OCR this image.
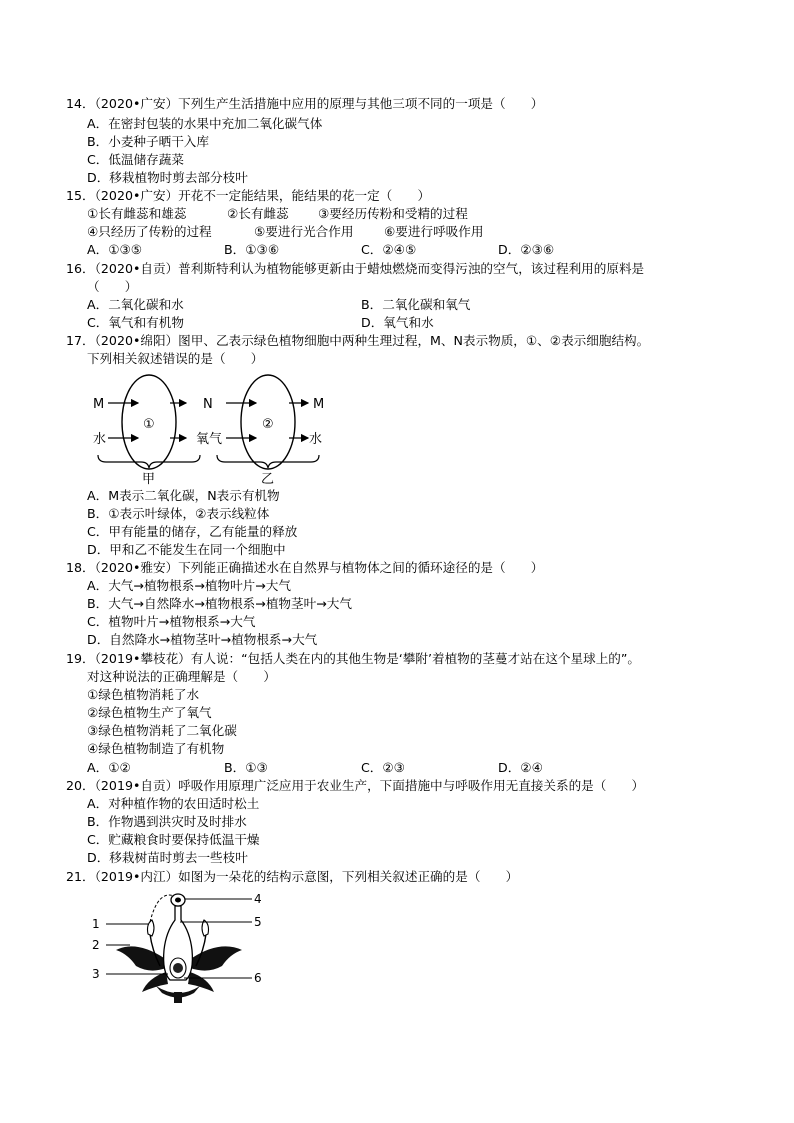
14．（2020•广安）下列生产生活措施中应用的原理与其他三项不同的一项是（　　）
A．在密封包装的水果中充加二氧化碳气体
B．小麦种子晒干入库
C．低温储存蔬菜
D．移栽植物时剪去部分枝叶
15．（2020•广安）开花不一定能结果，能结果的花一定（　　）
①长有雌蕊和雄蕊	②长有雌蕊 ③要经历传粉和受精的过程
④只经历了传粉的过程	⑤要进行光合作用 ⑥要进行呼吸作用
A．①③⑤	B．①③⑥	C．②④⑤	D．②③⑥
16．（2020•自贡）普利斯特利认为植物能够更新由于蜡烛燃烧而变得污浊的空气，该过程利用的原料是
（　　）
A．二氧化碳和水	B．二氧化碳和氧气
C．氧气和有机物	D．氧气和水
17．（2020•绵阳）图甲、乙表示绿色植物细胞中两种生理过程，M、N表示物质，①、②表示细胞结构。
下列相关叙述错误的是（　　）
M
水
①
N
氧气
②
M
水
甲	乙
A．M表示二氧化碳，N表示有机物
B．①表示叶绿体，②表示线粒体
C．甲有能量的储存，乙有能量的释放
D．甲和乙不能发生在同一个细胞中
18．（2020•雅安）下列能正确描述水在自然界与植物体之间的循环途径的是（　　）
A．大气→植物根系→植物叶片→大气
B．大气→自然降水→植物根系→植物茎叶→大气
C．植物叶片→植物根系→大气
D．自然降水→植物茎叶→植物根系→大气
19．（2019•攀枝花）有人说：“包括人类在内的其他生物是‘攀附’着植物的茎蔓才站在这个星球上的”。
对这种说法的正确理解是（　　）
①绿色植物消耗了水
②绿色植物生产了氧气
③绿色植物消耗了二氧化碳
④绿色植物制造了有机物
A．①②	B．①③	C．②③	D．②④
20．（2019•自贡）呼吸作用原理广泛应用于农业生产，下面措施中与呼吸作用无直接关系的是（　　）
A．对种植作物的农田适时松土
B．作物遇到洪灾时及时排水
C．贮藏粮食时要保持低温干燥
D．移栽树苗时剪去一些枝叶
21．（2019•内江）如图为一朵花的结构示意图，下列相关叙述正确的是（　　）
1
2
3
4
5
6
